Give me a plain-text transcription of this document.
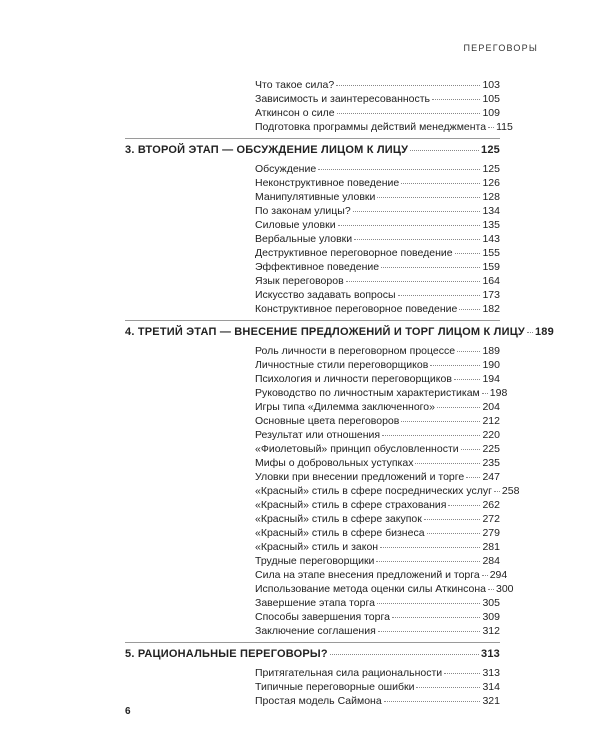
ПЕРЕГОВОРЫ
Что такое сила?	103
Зависимость и заинтересованность	105
Аткинсон о силе	109
Подготовка программы действий менеджмента 115
3. ВТОРОЙ ЭТАП — ОБСУЖДЕНИЕ ЛИЦОМ К ЛИЦУ	125
Обсуждение	125
Неконструктивное поведение	126
Манипулятивные уловки	128
По законам улицы?	134
Силовые уловки	135
Вербальные уловки	143
Деструктивное переговорное поведение	155
Эффективное поведение	159
Язык переговоров	164
Искусство задавать вопросы	173
Конструктивное переговорное поведение 182
4. ТРЕТИЙ ЭТАП — ВНЕСЕНИЕ ПРЕДЛОЖЕНИЙ И ТОРГ ЛИЦОМ К ЛИЦУ 189
Роль личности в переговорном процессе	189
Личностные стили переговорщиков	190
Психология и личности переговорщиков	194
Руководство по личностным характеристикам 198
Игры типа «Дилемма заключенного»	204
Основные цвета переговоров	212
Результат или отношения	220
«Фиолетовый» принцип обусловленности 225
Мифы о добровольных уступках	235
Уловки при внесении предложений и торге 247
«Красный» стиль в сфере посреднических услуг 258
«Красный» стиль в сфере страхования	262
«Красный» стиль в сфере закупок	272
«Красный» стиль в сфере бизнеса	279
«Красный» стиль и закон	281
Трудные переговорщики	284
Сила на этапе внесения предложений и торга 294
Использование метода оценки силы Аткинсона 300
Завершение этапа торга	305
Способы завершения торга	309
Заключение соглашения	312
5. РАЦИОНАЛЬНЫЕ ПЕРЕГОВОРЫ?	313
Притягательная сила рациональности	313
Типичные переговорные ошибки	314
Простая модель Саймона	321
6
